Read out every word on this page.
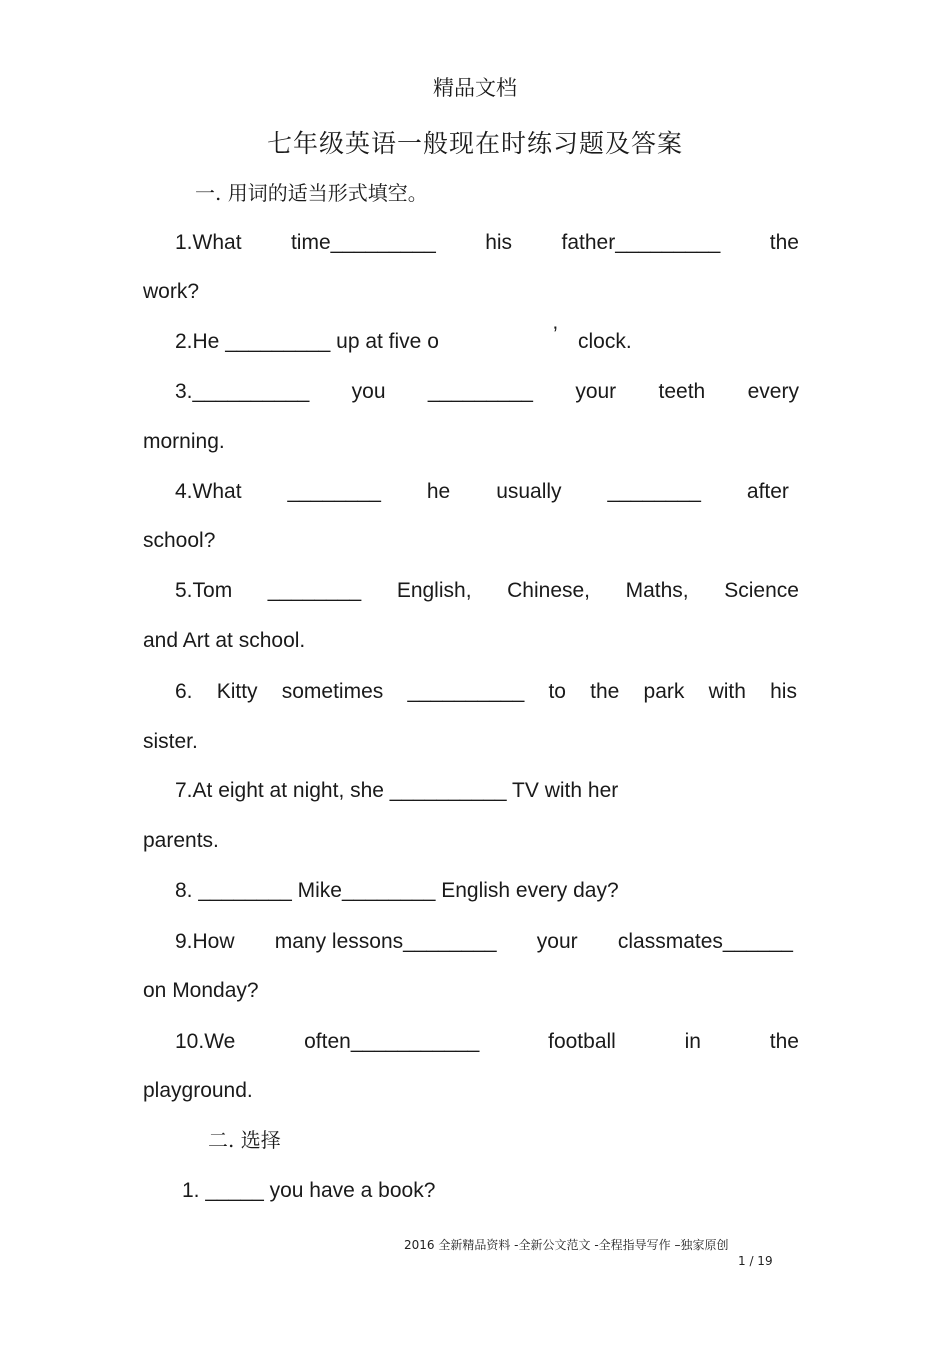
精品文档
七年级英语一般现在时练习题及答案
一. 用词的适当形式填空。
1.What time_________ his father_________ the
work?
2.He _________ up at five o	’ clock.
3.__________ you _________ your teeth every
morning.
4.What ________ he usually ________ after
school?
5.Tom ________ English, Chinese, Maths, Science
and Art at school.
6. Kitty sometimes __________ to the park with his
sister.
7.At eight at night, she __________ TV with her
parents.
8. ________ Mike________ English every day?
9.How many lessons________ your classmates______
on Monday?
10.We	often___________	football	in	the
playground.
二. 选择
1. _____ you have a book?
2016 全新精品资料 -全新公文范文 -全程指导写作 –独家原创
1 / 19
